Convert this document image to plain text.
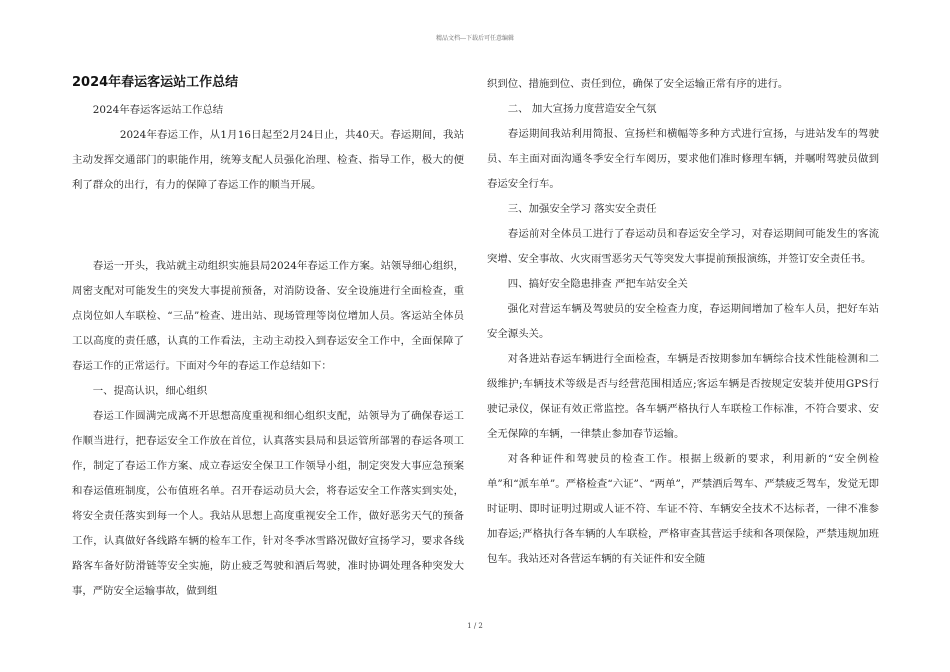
精品文档---下载后可任意编辑
2024年春运客运站工作总结

2024年春运客运站工作总结

2024年春运工作，从1月16日起至2月24日止，共40天。春运期间，我站主动发挥交通部门的职能作用，统筹支配人员强化治理、检查、指导工作，极大的便利了群众的出行，有力的保障了春运工作的顺当开展。

春运一开头，我站就主动组织实施县局2024年春运工作方案。站领导细心组织，周密支配对可能发生的突发大事提前预备，对消防设备、安全设施进行全面检查，重点岗位如人车联检、“三品”检查、进出站、现场管理等岗位增加人员。客运站全体员工以高度的责任感，认真的工作看法，主动主动投入到春运安全工作中，全面保障了春运工作的正常运行。下面对今年的春运工作总结如下：

一、提高认识，细心组织

春运工作圆满完成离不开思想高度重视和细心组织支配，站领导为了确保春运工作顺当进行，把春运安全工作放在首位，认真落实县局和县运管所部署的春运各项工作，制定了春运工作方案、成立春运安全保卫工作领导小组，制定突发大事应急预案和春运值班制度，公布值班名单。召开春运动员大会，将春运安全工作落实到实处，将安全责任落实到每一个人。我站从思想上高度重视安全工作，做好恶劣天气的预备工作，认真做好各线路车辆的检车工作，针对冬季冰雪路况做好宣扬学习，要求各线路客车备好防滑链等安全实施，防止疲乏驾驶和酒后驾驶，准时协调处理各种突发大事，严防安全运输事故，做到组

织到位、措施到位、责任到位，确保了安全运输正常有序的进行。

二、 加大宣扬力度营造安全气氛

春运期间我站利用简报、宣扬栏和横幅等多种方式进行宣扬，与进站发车的驾驶员、车主面对面沟通冬季安全行车阅历，要求他们准时修理车辆，并嘱咐驾驶员做到春运安全行车。

三、加强安全学习 落实安全责任

春运前对全体员工进行了春运动员和春运安全学习，对春运期间可能发生的客流突增、安全事故、火灾雨雪恶劣天气等突发大事提前预报演练，并签订安全责任书。

四、搞好安全隐患排查 严把车站安全关

强化对营运车辆及驾驶员的安全检查力度，春运期间增加了检车人员，把好车站安全源头关。

对各进站春运车辆进行全面检查，车辆是否按期参加车辆综合技术性能检测和二级维护;车辆技术等级是否与经营范围相适应;客运车辆是否按规定安装并使用GPS行驶记录仪，保证有效正常监控。各车辆严格执行人车联检工作标准，不符合要求、安全无保障的车辆，一律禁止参加春节运输。

对各种证件和驾驶员的检查工作。根据上级新的要求，利用新的“安全例检单”和“派车单”。严格检查“六证”、“两单”，严禁酒后驾车、严禁疲乏驾车，发觉无即时证明、即时证明过期或人证不符、车证不符、车辆安全技术不达标者，一律不准参加春运;严格执行各车辆的人车联检，严格审查其营运手续和各项保险，严禁违规加班包车。我站还对各营运车辆的有关证件和安全随

1 / 2
